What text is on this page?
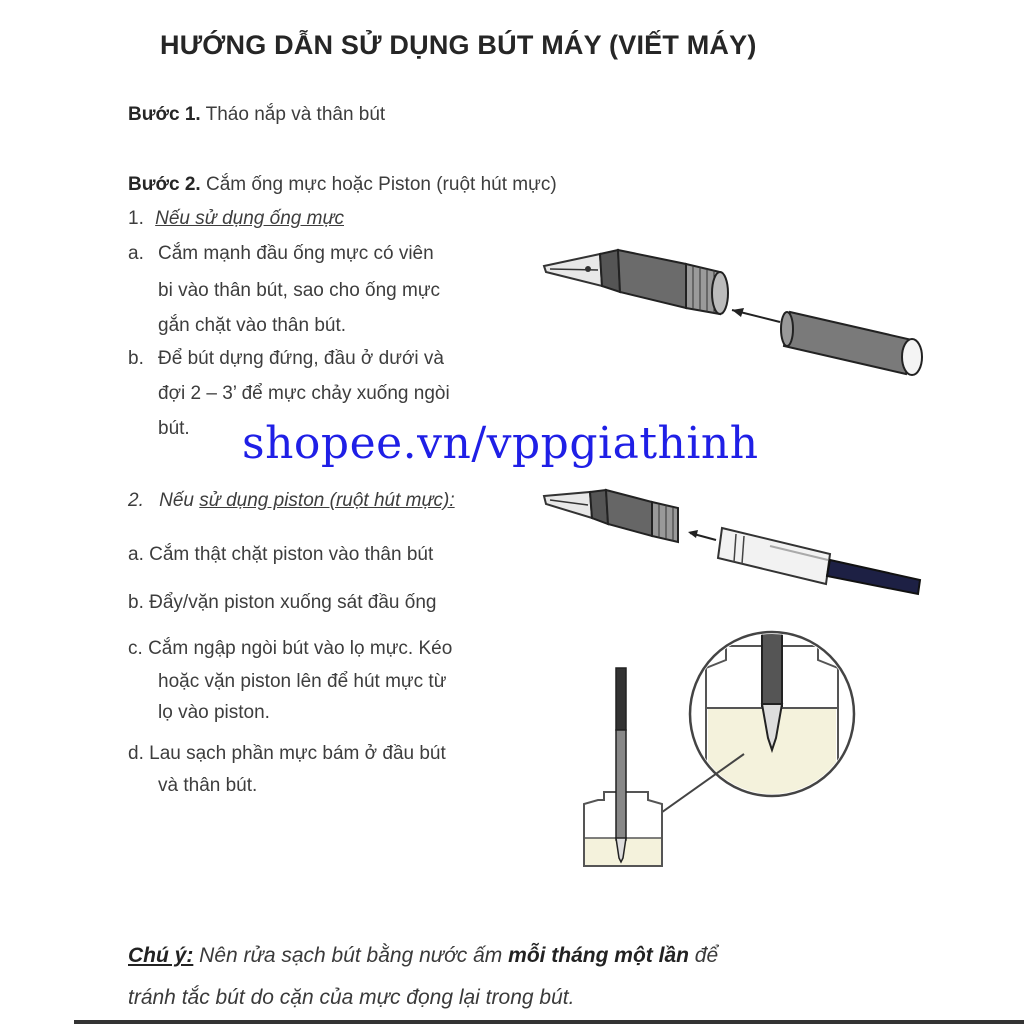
HƯỚNG DẪN SỬ DỤNG BÚT MÁY (VIẾT MÁY)
Bước 1. Tháo nắp và thân bút
Bước 2. Cắm ống mực hoặc Piston (ruột hút mực)
1. Nếu sử dụng ống mực
a. Cắm mạnh đầu ống mực có viên
bi vào thân bút, sao cho ống mực
gắn chặt vào thân bút.
b. Để bút dựng đứng, đầu ở dưới và
đợi 2 – 3’ để mực chảy xuống ngòi
bút. shopee.vn/vppgiathinh
2. Nếu sử dụng piston (ruột hút mực):
a. Cắm thật chặt piston vào thân bút
b. Đẩy/vặn piston xuống sát đầu ống
c. Cắm ngập ngòi bút vào lọ mực. Kéo
hoặc vặn piston lên để hút mực từ
lọ vào piston.
d. Lau sạch phần mực bám ở đầu bút
và thân bút.
Chú ý: Nên rửa sạch bút bằng nước ấm mỗi tháng một lần để
tránh tắc bút do cặn của mực đọng lại trong bút.
